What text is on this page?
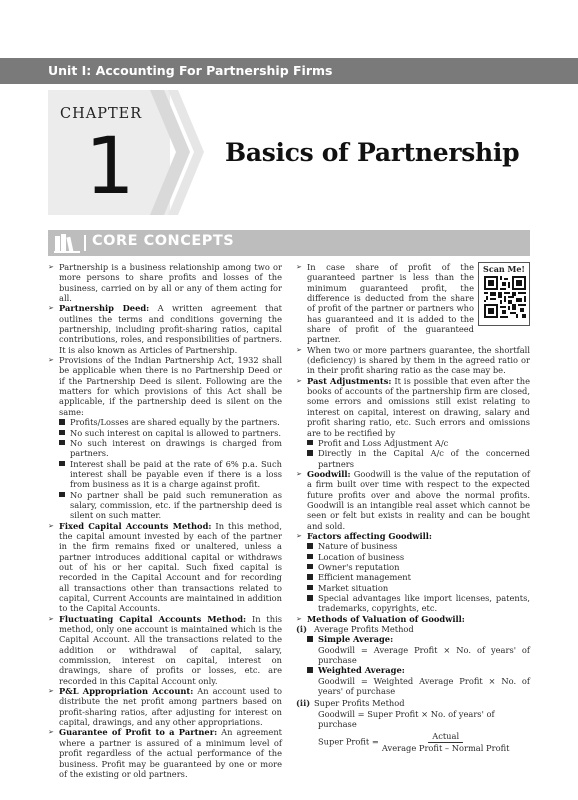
Unit I: Accounting For Partnership Firms
CHAPTER
1	Basics of Partnership
CORE CONCEPTS
➢ Partnership is a business relationship among two or more persons to share profits and losses of the business, carried on by all or any of them acting for all.
➢ Partnership Deed: A written agreement that outlines the terms and conditions governing the partnership, including profit-sharing ratios, capital contributions, roles, and responsibilities of partners. It is also known as Articles of Partnership.
➢ Provisions of the Indian Partnership Act, 1932 shall be applicable when there is no Partnership Deed or if the Partnership Deed is silent. Following are the matters for which provisions of this Act shall be applicable, if the partnership deed is silent on the same:
Profits/Losses are shared equally by the partners.
No such interest on capital is allowed to partners.
No such interest on drawings is charged from partners.
Interest shall be paid at the rate of 6% p.a. Such interest shall be payable even if there is a loss from business as it is a charge against profit.
No partner shall be paid such remuneration as salary, commission, etc. if the partnership deed is silent on such matter.
➢ Fixed Capital Accounts Method: In this method, the capital amount invested by each of the partner in the firm remains fixed or unaltered, unless a partner introduces additional capital or withdraws out of his or her capital. Such fixed capital is recorded in the Capital Account and for recording all transactions other than transactions related to capital, Current Accounts are maintained in addition to the Capital Accounts.
➢ Fluctuating Capital Accounts Method: In this method, only one account is maintained which is the Capital Account. All the transactions related to the addition or withdrawal of capital, salary, commission, interest on capital, interest on drawings, share of profits or losses, etc. are recorded in this Capital Account only.
➢ P&L Appropriation Account: An account used to distribute the net profit among partners based on profit-sharing ratios, after adjusting for interest on capital, drawings, and any other appropriations.
➢ Guarantee of Profit to a Partner: An agreement where a partner is assured of a minimum level of profit regardless of the actual performance of the business. Profit may be guaranteed by one or more of the existing or old partners.
Scan Me!
➢ In case share of profit of the guaranteed partner is less than the minimum guaranteed profit, the difference is deducted from the share of profit of the partner or partners who has guaranteed and it is added to the share of profit of the guaranteed partner.
➢ When two or more partners guarantee, the shortfall (deficiency) is shared by them in the agreed ratio or in their profit sharing ratio as the case may be.
➢ Past Adjustments: It is possible that even after the books of accounts of the partnership firm are closed, some errors and omissions still exist relating to interest on capital, interest on drawing, salary and profit sharing ratio, etc. Such errors and omissions are to be rectified by
Profit and Loss Adjustment A/c
Directly in the Capital A/c of the concerned partners
➢ Goodwill: Goodwill is the value of the reputation of a firm built over time with respect to the expected future profits over and above the normal profits. Goodwill is an intangible real asset which cannot be seen or felt but exists in reality and can be bought and sold.
➢ Factors affecting Goodwill:
Nature of business
Location of business
Owner's reputation
Efficient management
Market situation
Special advantages like import licenses, patents, trademarks, copyrights, etc.
➢ Methods of Valuation of Goodwill:
(i) Average Profits Method
Simple Average:
Goodwill = Average Profit × No. of years' of purchase
Weighted Average:
Goodwill = Weighted Average Profit × No. of years' of purchase
(ii) Super Profits Method
Goodwill = Super Profit × No. of years' of purchase
Super Profit = $\frac{\text{Actual}}{\text{Average Profit – Normal Profit}}$
